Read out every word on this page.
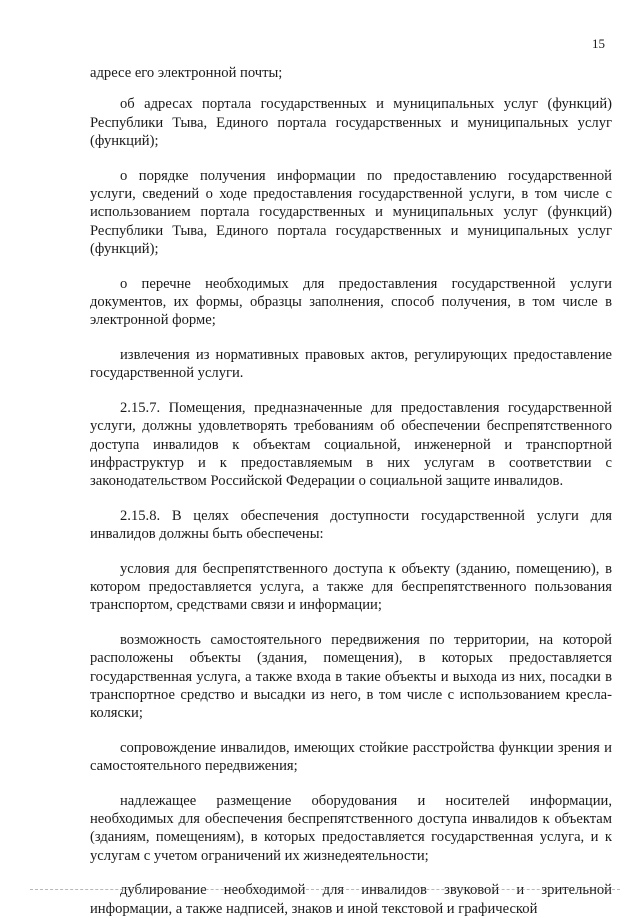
15

адресе его электронной почты;

об адресах портала государственных и муниципальных услуг (функций) Республики Тыва, Единого портала государственных и муниципальных услуг (функций);

о порядке получения информации по предоставлению государственной услуги, сведений о ходе предоставления государственной услуги, в том числе с использованием портала государственных и муниципальных услуг (функций) Республики Тыва, Единого портала государственных и муниципальных услуг (функций);

о перечне необходимых для предоставления государственной услуги документов, их формы, образцы заполнения, способ получения, в том числе в электронной форме;

извлечения из нормативных правовых актов, регулирующих предоставление государственной услуги.

2.15.7. Помещения, предназначенные для предоставления государственной услуги, должны удовлетворять требованиям об обеспечении беспрепятственного доступа инвалидов к объектам социальной, инженерной и транспортной инфраструктур и к предоставляемым в них услугам в соответствии с законодательством Российской Федерации о социальной защите инвалидов.

2.15.8. В целях обеспечения доступности государственной услуги для инвалидов должны быть обеспечены:

условия для беспрепятственного доступа к объекту (зданию, помещению), в котором предоставляется услуга, а также для беспрепятственного пользования транспортом, средствами связи и информации;

возможность самостоятельного передвижения по территории, на которой расположены объекты (здания, помещения), в которых предоставляется государственная услуга, а также входа в такие объекты и выхода из них, посадки в транспортное средство и высадки из него, в том числе с использованием кресла-коляски;

сопровождение инвалидов, имеющих стойкие расстройства функции зрения и самостоятельного передвижения;

надлежащее размещение оборудования и носителей информации, необходимых для обеспечения беспрепятственного доступа инвалидов к объектам (зданиям, помещениям), в которых предоставляется государственная услуга, и к услугам с учетом ограничений их жизнедеятельности;

дублирование необходимой для инвалидов звуковой и зрительной информации, а также надписей, знаков и иной текстовой и графической
